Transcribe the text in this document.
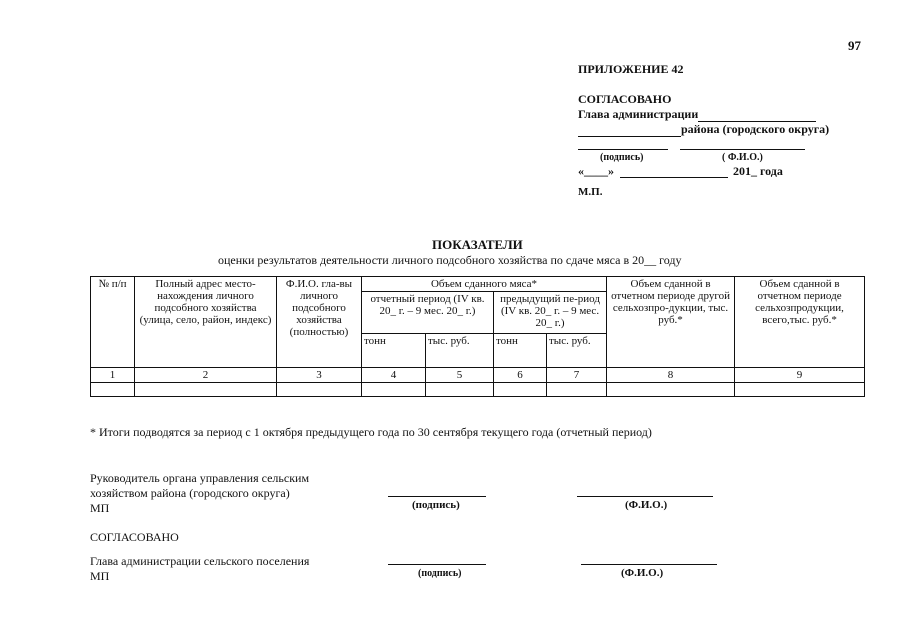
97
ПРИЛОЖЕНИЕ 42
СОГЛАСОВАНО
Глава администрации
района (городского округа)
(подпись)	( Ф.И.О.)
«____»	201_ года
М.П.
ПОКАЗАТЕЛИ
оценки результатов деятельности личного подсобного хозяйства по сдаче мяса в 20__ году
№ п/п	Полный адрес место-нахождения личного подсобного хозяйства (улица, село, район, индекс)	Ф.И.О. гла-вы личного подсобного хозяйства (полностью)	Объем сданного мяса*				Объем сданной в отчетном периоде другой сельхозпро-дукции, тыс. руб.*	Объем сданной в отчетном периоде сельхозпродукции, всего,тыс. руб.*
			отчетный период (IV кв. 20_ г. – 9 мес. 20_ г.)		предыдущий пе-риод (IV кв. 20_ г. – 9 мес. 20_ г.)			
			тонн	тыс. руб.	тонн	тыс. руб.		
1	2	3	4	5	6	7	8	9

* Итоги подводятся за период с 1 октября предыдущего года по 30 сентября текущего года (отчетный период)
Руководитель органа управления сельским
хозяйством района (городского округа)
МП	(подпись)	(Ф.И.О.)
СОГЛАСОВАНО
Глава администрации сельского поселения
МП	(подпись)	(Ф.И.О.)
